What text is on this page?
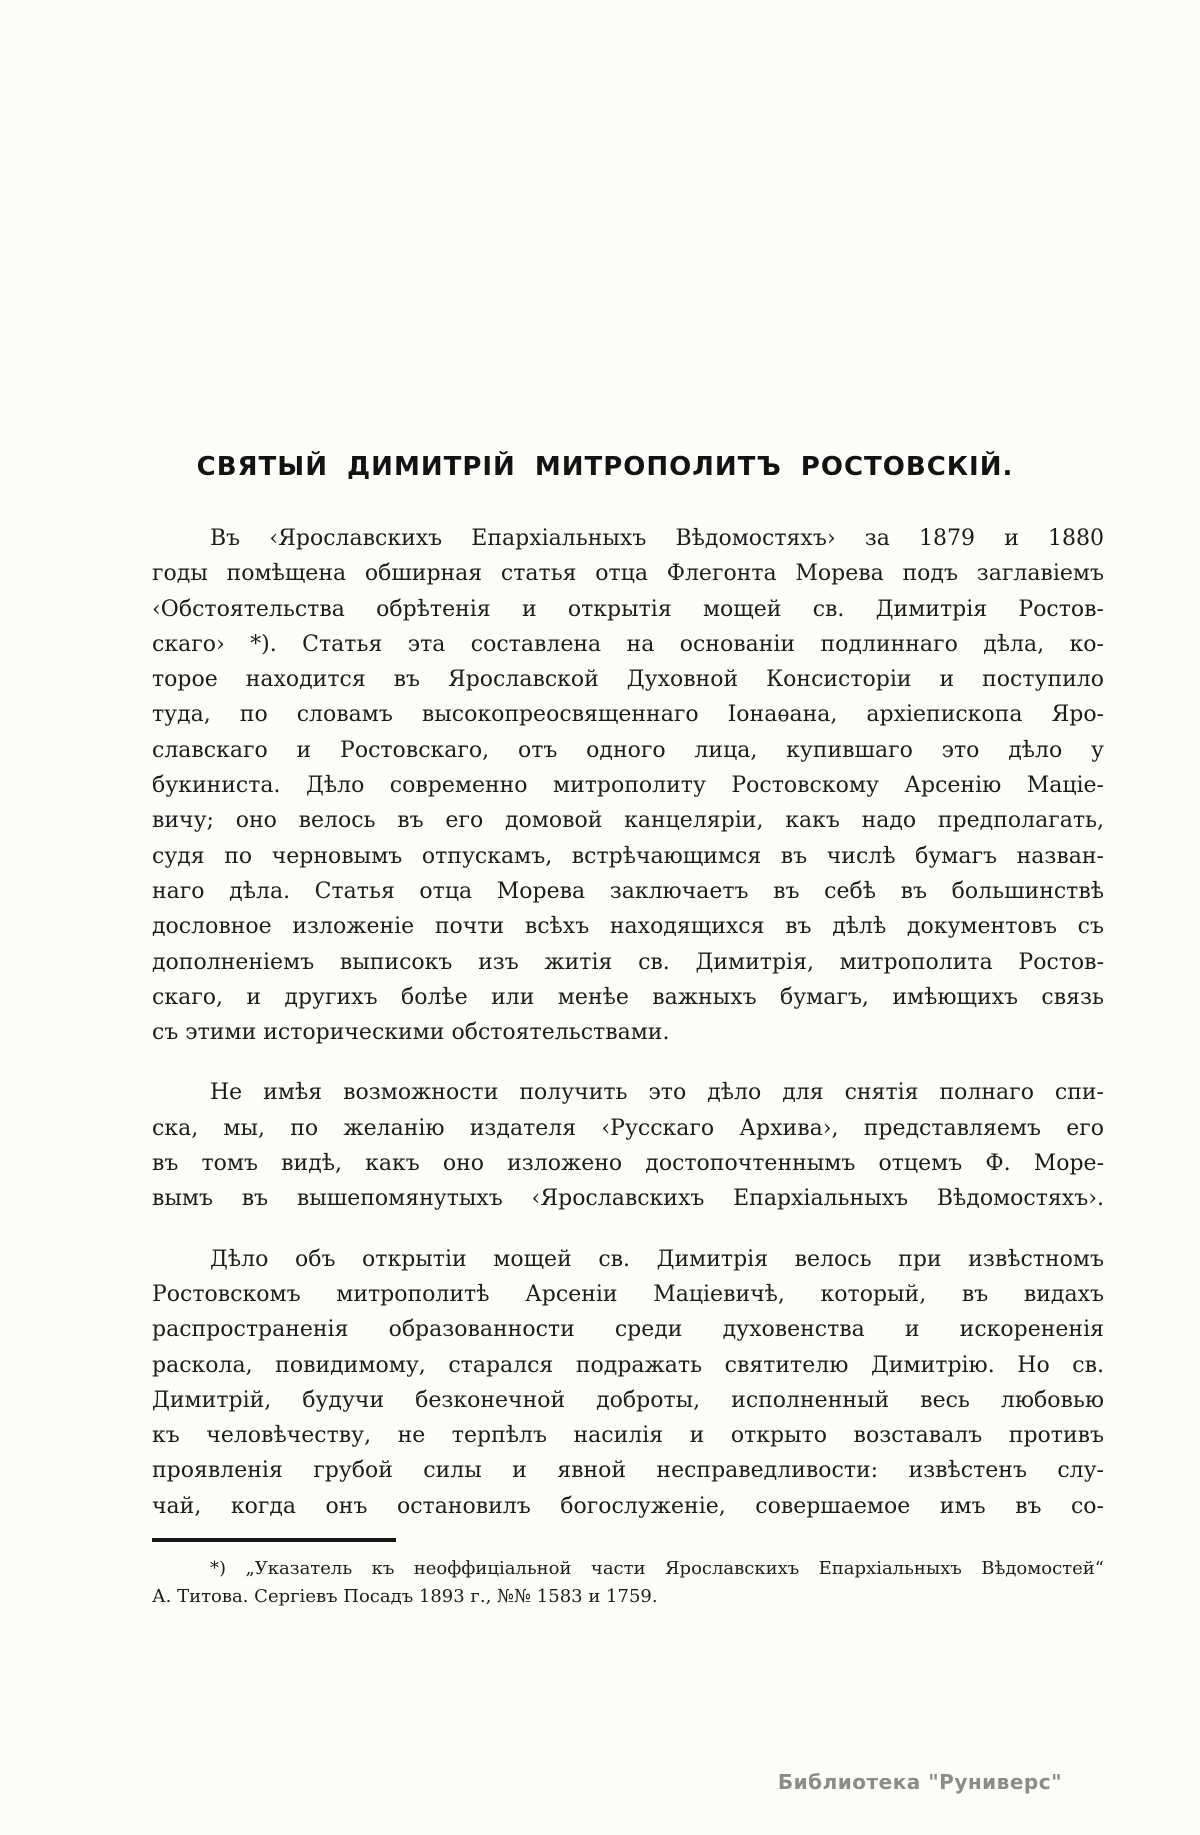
СВЯТЫЙ ДИМИТРІЙ МИТРОПОЛИТЪ РОСТОВСКІЙ.
Въ ‹Ярославскихъ Епархіальныхъ Вѣдомостяхъ› за 1879 и 1880
годы помѣщена обширная статья отца Флегонта Морева подъ заглавіемъ
‹Обстоятельства обрѣтенія и открытія мощей св. Димитрія Ростов-
скаго› *). Статья эта составлена на основаніи подлиннаго дѣла, ко-
торое находится въ Ярославской Духовной Консисторіи и поступило
туда, по словамъ высокопреосвященнаго Іонаѳана, архіепископа Яро-
славскаго и Ростовскаго, отъ одного лица, купившаго это дѣло у
букиниста. Дѣло современно митрополиту Ростовскому Арсенію Маціе-
вичу; оно велось въ его домовой канцеляріи, какъ надо предполагать,
судя по черновымъ отпускамъ, встрѣчающимся въ числѣ бумагъ назван-
наго дѣла. Статья отца Морева заключаетъ въ себѣ въ большинствѣ
дословное изложеніе почти всѣхъ находящихся въ дѣлѣ документовъ съ
дополненіемъ выписокъ изъ житія св. Димитрія, митрополита Ростов-
скаго, и другихъ болѣе или менѣе важныхъ бумагъ, имѣющихъ связь
съ этими историческими обстоятельствами.
Не имѣя возможности получить это дѣло для снятія полнаго спи-
ска, мы, по желанію издателя ‹Русскаго Архива›, представляемъ его
въ томъ видѣ, какъ оно изложено достопочтеннымъ отцемъ Ф. Море-
вымъ въ вышепомянутыхъ ‹Ярославскихъ Епархіальныхъ Вѣдомостяхъ›.
Дѣло объ открытіи мощей св. Димитрія велось при извѣстномъ
Ростовскомъ митрополитѣ Арсеніи Маціевичѣ, который, въ видахъ
распространенія образованности среди духовенства и искорененія
раскола, повидимому, старался подражать святителю Димитрію. Но св.
Димитрій, будучи безконечной доброты, исполненный весь любовью
къ человѣчеству, не терпѣлъ насилія и открыто возставалъ противъ
проявленія грубой силы и явной несправедливости: извѣстенъ слу-
чай, когда онъ остановилъ богослуженіе, совершаемое имъ въ со-
*) „Указатель къ неоффиціальной части Ярославскихъ Епархіальныхъ Вѣдомостей“
А. Титова. Сергіевъ Посадъ 1893 г., №№ 1583 и 1759.
Библиотека "Руниверс"
